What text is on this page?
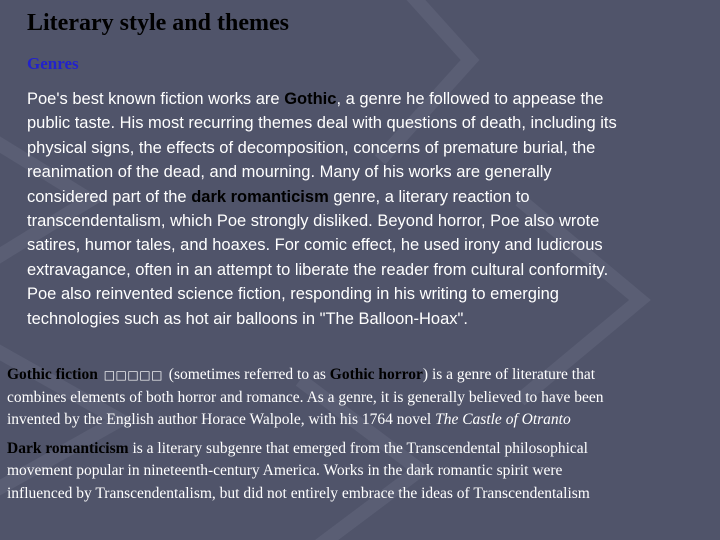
Literary style and themes
Genres

Poe's best known fiction works are Gothic, a genre he followed to appease the
public taste. His most recurring themes deal with questions of death, including its
physical signs, the effects of decomposition, concerns of premature burial, the
reanimation of the dead, and mourning. Many of his works are generally
considered part of the dark romanticism genre, a literary reaction to
transcendentalism, which Poe strongly disliked. Beyond horror, Poe also wrote
satires, humor tales, and hoaxes. For comic effect, he used irony and ludicrous
extravagance, often in an attempt to liberate the reader from cultural conformity.
Poe also reinvented science fiction, responding in his writing to emerging
technologies such as hot air balloons in "The Balloon-Hoax".

Gothic fiction □□□□□ (sometimes referred to as Gothic horror) is a genre of literature that
combines elements of both horror and romance. As a genre, it is generally believed to have been
invented by the English author Horace Walpole, with his 1764 novel The Castle of Otranto

Dark romanticism is a literary subgenre that emerged from the Transcendental philosophical
movement popular in nineteenth-century America. Works in the dark romantic spirit were
influenced by Transcendentalism, but did not entirely embrace the ideas of Transcendentalism
